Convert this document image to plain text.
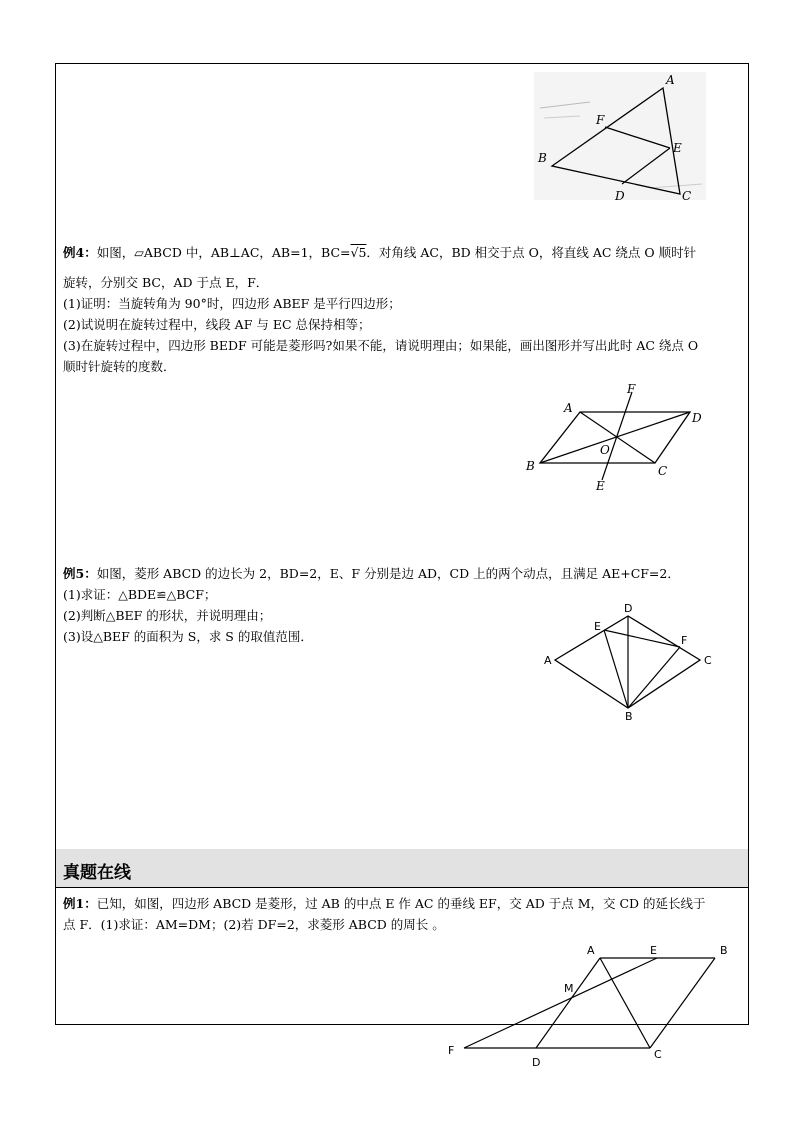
真题在线
A
F
E
B
D	C
例4：如图，▱ABCD 中，AB⊥AC，AB=1，BC=√5．对角线 AC，BD 相交于点 O，将直线 AC 绕点 O 顺时针
旋转，分别交 BC，AD 于点 E，F．
(1)证明：当旋转角为 90°时，四边形 ABEF 是平行四边形；
(2)试说明在旋转过程中，线段 AF 与 EC 总保持相等；
(3)在旋转过程中，四边形 BEDF 可能是菱形吗?如果不能，请说明理由；如果能，画出图形并写出此时 AC 绕点 O
顺时针旋转的度数．
F
A
D
O
B	C
E
例5：如图，菱形 ABCD 的边长为 2，BD=2，E、F 分别是边 AD，CD 上的两个动点，且满足 AE+CF=2．
(1)求证：△BDE≌△BCF；
(2)判断△BEF 的形状，并说明理由；
(3)设△BEF 的面积为 S，求 S 的取值范围．
D
E
F
A	C
B
例1：已知，如图，四边形 ABCD 是菱形，过 AB 的中点 E 作 AC 的垂线 EF，交 AD 于点 M，交 CD 的延长线于
点 F．(1)求证：AM=DM；(2)若 DF=2，求菱形 ABCD 的周长 。
A	E	B
M
F
D
C
